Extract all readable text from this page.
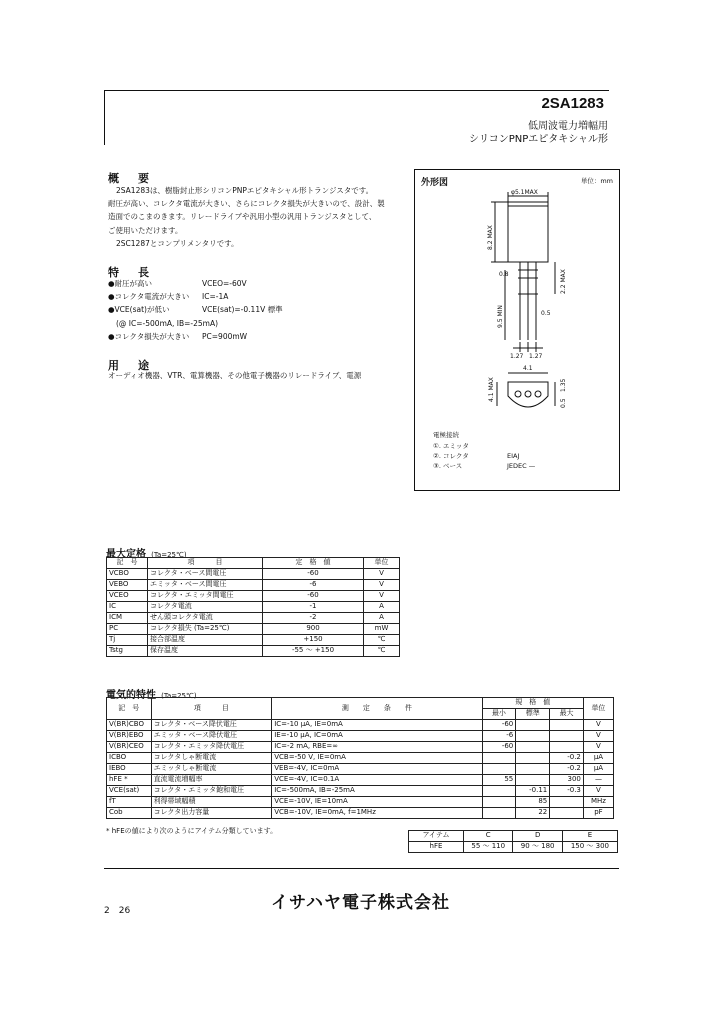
2SA1283
低周波電力増幅用
シリコンPNPエピタキシャル形
概　要
2SA1283は、樹脂封止形シリコンPNPエピタキシャル形トランジスタです。
耐圧が高い、コレクタ電流が大きい、さらにコレクタ損失が大きいので、設計、製
造面でのこまのきます。リレードライブや汎用小型の汎用トランジスタとして、
ご使用いただけます。
2SC1287とコンプリメンタリです。
特　長
●耐圧が高い	VCEO=-60V
●コレクタ電流が大きい IC=-1A
●VCE(sat)が低い	VCE(sat)=-0.11V 標準
(@ IC=-500mA, IB=-25mA)
●コレクタ損失が大きい PC=900mW
用　途
オーディオ機器、VTR、電算機器、その他電子機器のリレードライブ、電源
外形図	単位：mm
φ5.1MAX
8.2 MAX
0.8	2.2 MAX
9.5 MIN	0.5
1.27 1.27
4.1
4.1 MAX	1.35
0.5
電極接続
①. エミッタ
②. コレクタ
③. ベース
EIAJ
JEDEC —
最大定格 (Ta=25℃)
記　号	項　　　目	定　格　値	単位
VCBO	コレクタ・ベース間電圧	-60	V
VEBO	エミッタ・ベース間電圧	-6	V
VCEO	コレクタ・エミッタ間電圧	-60	V
IC	コレクタ電流	-1	A
ICM	せん頭コレクタ電流	-2	A
PC	コレクタ損失 (Ta=25℃)	900	mW
Tj	接合部温度	+150	℃
Tstg	保存温度	-55 ～ +150	℃
電気的特性 (Ta=25℃)
記　号	項　　　目	測　　定　　条　　件	規　格　値			単位
			最小	標準	最大	
V(BR)CBO	コレクタ・ベース降伏電圧	IC=-10 μA, IE=0mA	-60			V
V(BR)EBO	エミッタ・ベース降伏電圧	IE=-10 μA, IC=0mA	-6			V
V(BR)CEO	コレクタ・エミッタ降伏電圧	IC=-2 mA, RBE=∞	-60			V
ICBO	コレクタしゃ断電流	VCB=-50 V, IE=0mA			-0.2	μA
IEBO	エミッタしゃ断電流	VEB=-4V, IC=0mA			-0.2	μA
hFE *	直流電流増幅率	VCE=-4V, IC=0.1A	55		300	—
VCE(sat)	コレクタ・エミッタ飽和電圧	IC=-500mA, IB=-25mA		-0.11	-0.3	V
fT	利得帯域幅積	VCE=-10V, IE=10mA		85		MHz
Cob	コレクタ出力容量	VCB=-10V, IE=0mA, f=1MHz		22		pF
* hFEの値により次のようにアイテム分類しています。
アイテム	C	D	E
hFE	55 ～ 110	90 ～ 180	150 ～ 300
2　26	イサハヤ電子株式会社
